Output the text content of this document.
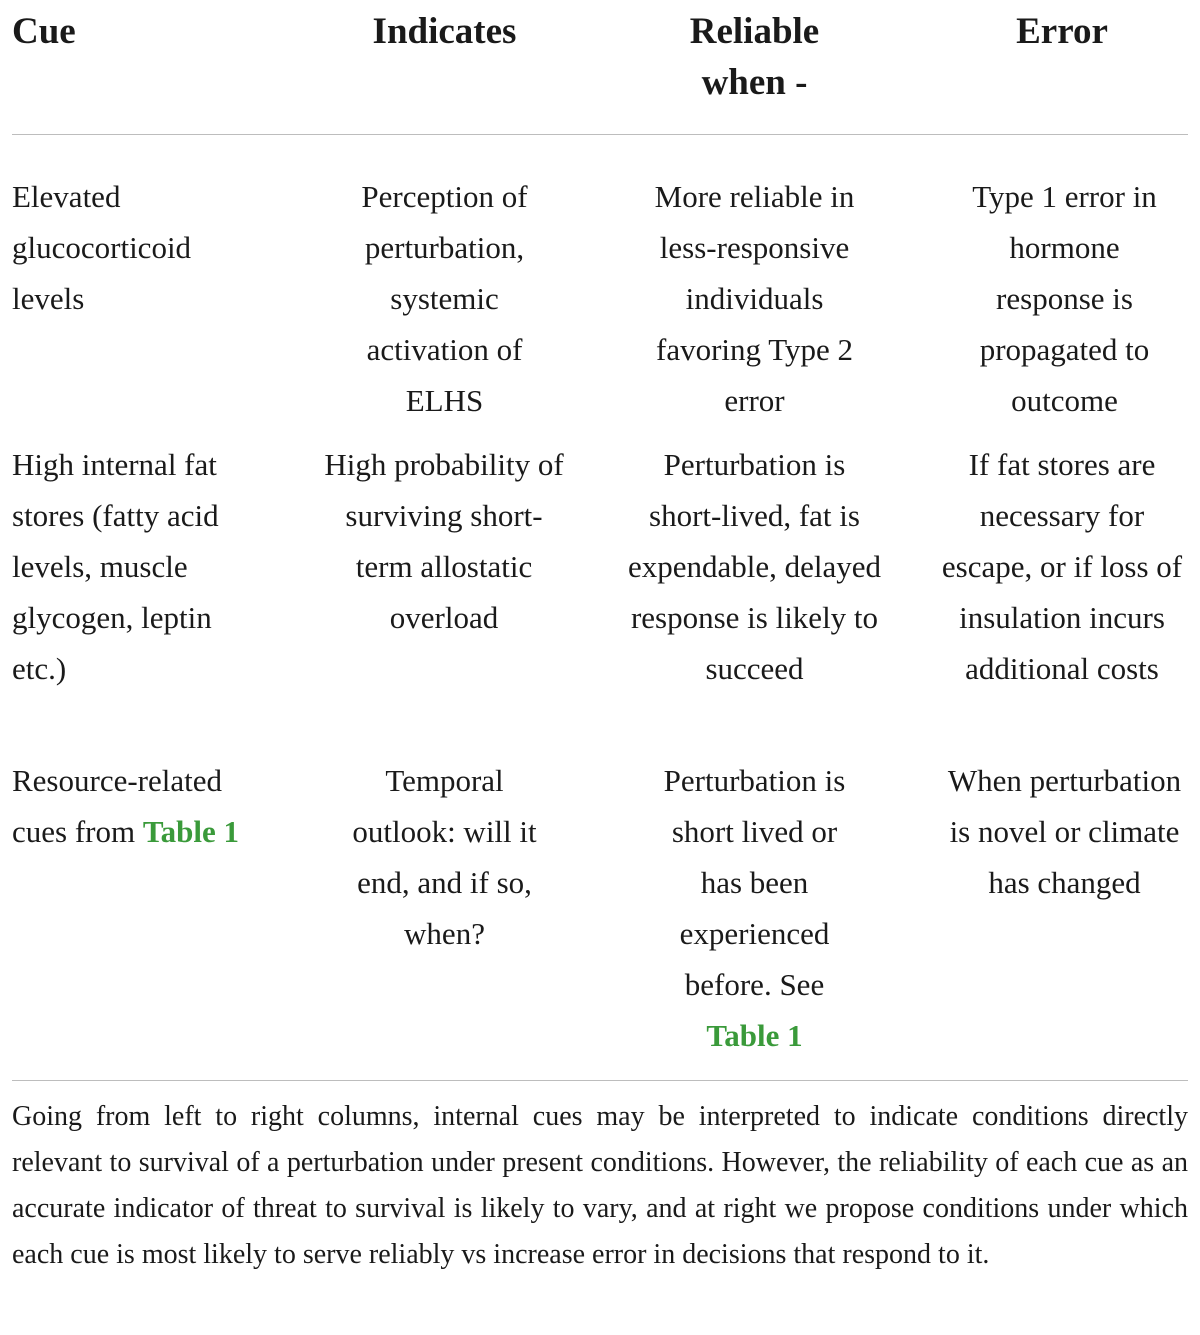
Cue	Indicates	Reliable
when -
Error
Elevated glucocorticoid levels
Perception of perturbation, systemic activation of ELHS
More reliable in less-responsive individuals favoring Type 2 error
Type 1 error in hormone response is propagated to outcome
High internal fat stores (fatty acid levels, muscle glycogen, leptin etc.)
High probability of surviving short-term allostatic overload
Perturbation is short-lived, fat is expendable, delayed response is likely to succeed
If fat stores are necessary for escape, or if loss of insulation incurs additional costs
Resource-related cues from Table 1
Temporal outlook: will it end, and if so, when?
Perturbation is short lived or has been experienced before. See Table 1
When perturbation is novel or climate has changed
Going from left to right columns, internal cues may be interpreted to indicate conditions directly relevant to survival of a perturbation under present conditions. However, the reliability of each cue as an accurate indicator of threat to survival is likely to vary, and at right we propose conditions under which each cue is most likely to serve reliably vs increase error in decisions that respond to it.
